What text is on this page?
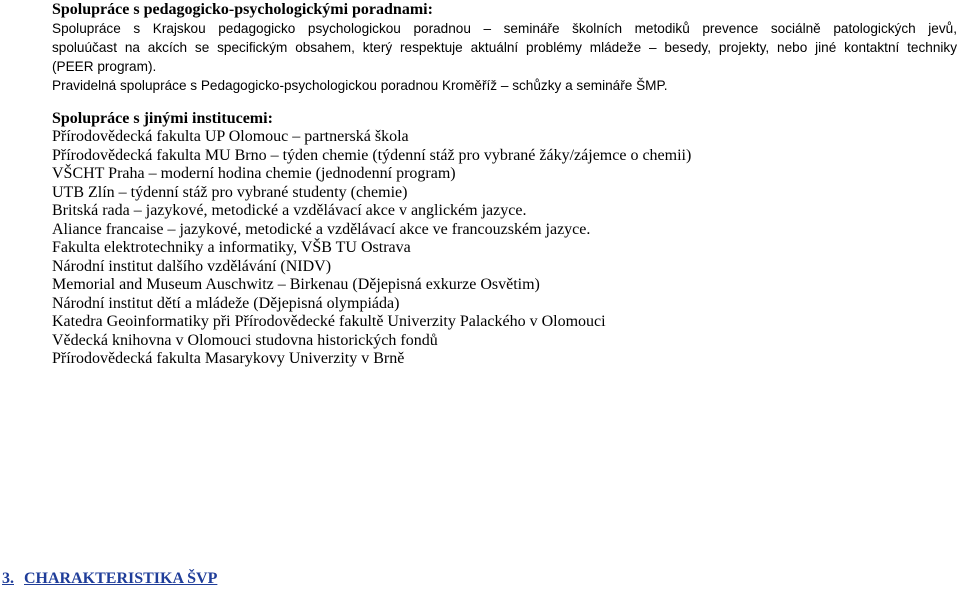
Spolupráce s pedagogicko-psychologickými poradnami:
Spolupráce s Krajskou pedagogicko psychologickou poradnou – semináře školních metodiků prevence sociálně patologických jevů,
spoluúčast na akcích se specifickým obsahem, který respektuje aktuální problémy mládeže – besedy, projekty, nebo jiné kontaktní techniky
(PEER program).
Pravidelná spolupráce s Pedagogicko-psychologickou poradnou Kroměříž – schůzky a semináře ŠMP.
Spolupráce s jinými institucemi:
Přírodovědecká fakulta UP Olomouc – partnerská škola
Přírodovědecká fakulta MU Brno – týden chemie (týdenní stáž pro vybrané žáky/zájemce o chemii)
VŠCHT Praha – moderní hodina chemie (jednodenní program)
UTB Zlín – týdenní stáž pro vybrané studenty (chemie)
Britská rada – jazykové, metodické a vzdělávací akce v anglickém jazyce.
Aliance francaise – jazykové, metodické a vzdělávací akce ve francouzském jazyce.
Fakulta elektrotechniky a informatiky, VŠB TU Ostrava
Národní institut dalšího vzdělávání (NIDV)
Memorial and Museum Auschwitz – Birkenau (Dějepisná exkurze Osvětim)
Národní institut dětí a mládeže (Dějepisná olympiáda)
Katedra Geoinformatiky při Přírodovědecké fakultě Univerzity Palackého v Olomouci
Vědecká knihovna v Olomouci studovna historických fondů
Přírodovědecká fakulta Masarykovy Univerzity v Brně
3. CHARAKTERISTIKA ŠVP
